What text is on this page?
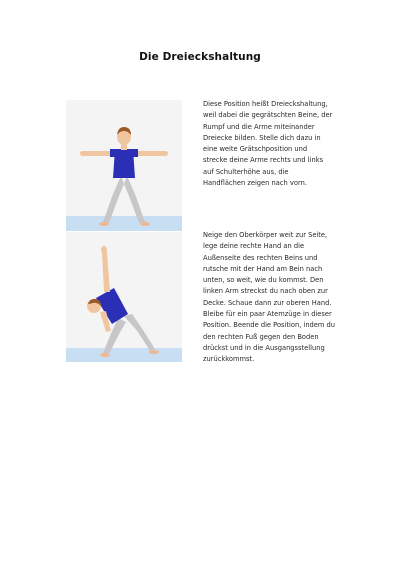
Die Dreieckshaltung
Diese Position heißt Dreieckshaltung,
weil dabei die gegrätschten Beine, der
Rumpf und die Arme miteinander
Dreiecke bilden. Stelle dich dazu in
eine weite Grätschposition und
strecke deine Arme rechts und links
auf Schulterhöhe aus, die
Handflächen zeigen nach vorn.
Neige den Oberkörper weit zur Seite,
lege deine rechte Hand an die
Außenseite des rechten Beins und
rutsche mit der Hand am Bein nach
unten, so weit, wie du kommst. Den
linken Arm streckst du nach oben zur
Decke. Schaue dann zur oberen Hand.
Bleibe für ein paar Atemzüge in dieser
Position. Beende die Position, indem du
den rechten Fuß gegen den Boden
drückst und in die Ausgangsstellung
zurückkommst.
